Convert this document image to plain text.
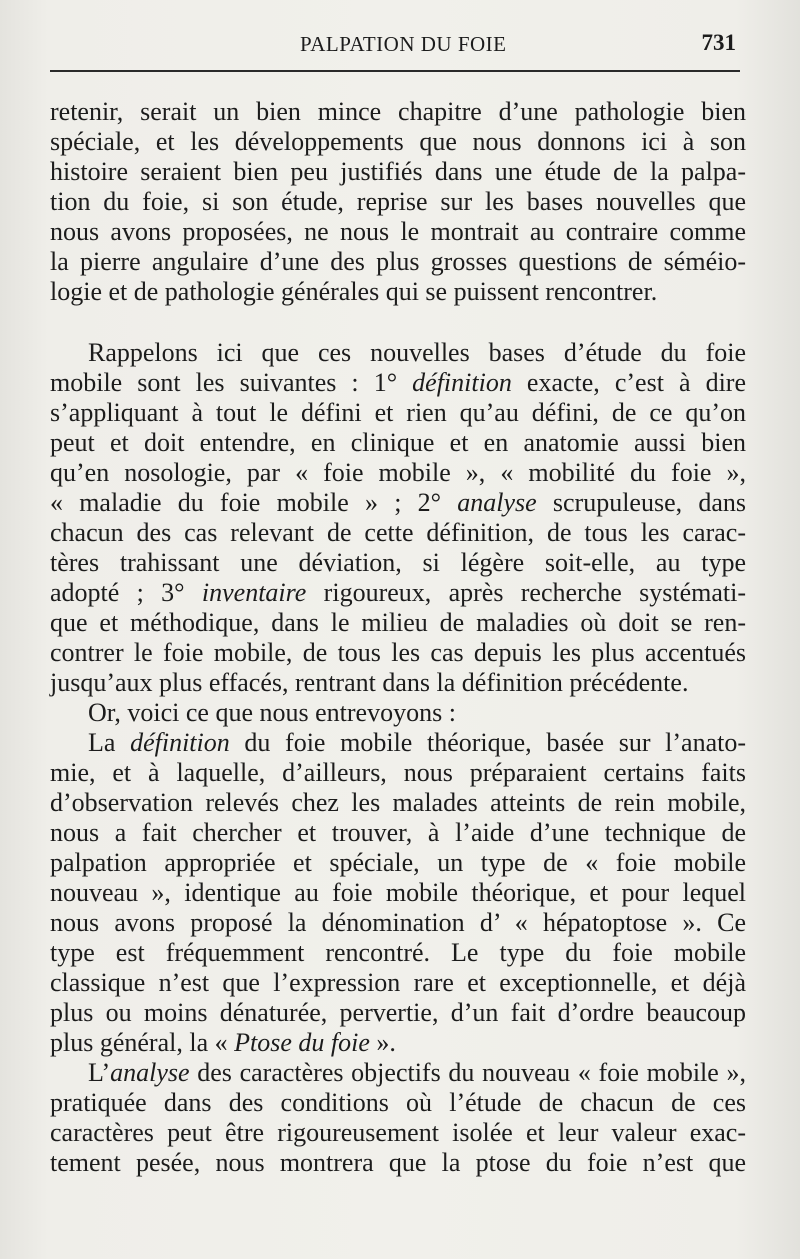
PALPATION DU FOIE	731
retenir, serait un bien mince chapitre d’une pathologie bien
spéciale, et les développements que nous donnons ici à son
histoire seraient bien peu justifiés dans une étude de la palpa-
tion du foie, si son étude, reprise sur les bases nouvelles que
nous avons proposées, ne nous le montrait au contraire comme
la pierre angulaire d’une des plus grosses questions de séméio-
logie et de pathologie générales qui se puissent rencontrer.
Rappelons ici que ces nouvelles bases d’étude du foie
mobile sont les suivantes : 1° définition exacte, c’est à dire
s’appliquant à tout le défini et rien qu’au défini, de ce qu’on
peut et doit entendre, en clinique et en anatomie aussi bien
qu’en nosologie, par « foie mobile », « mobilité du foie »,
« maladie du foie mobile » ; 2° analyse scrupuleuse, dans
chacun des cas relevant de cette définition, de tous les carac-
tères trahissant une déviation, si légère soit-elle, au type
adopté ; 3° inventaire rigoureux, après recherche systémati-
que et méthodique, dans le milieu de maladies où doit se ren-
contrer le foie mobile, de tous les cas depuis les plus accentués
jusqu’aux plus effacés, rentrant dans la définition précédente.
Or, voici ce que nous entrevoyons :
La définition du foie mobile théorique, basée sur l’anato-
mie, et à laquelle, d’ailleurs, nous préparaient certains faits
d’observation relevés chez les malades atteints de rein mobile,
nous a fait chercher et trouver, à l’aide d’une technique de
palpation appropriée et spéciale, un type de « foie mobile
nouveau », identique au foie mobile théorique, et pour lequel
nous avons proposé la dénomination d’ « hépatoptose ». Ce
type est fréquemment rencontré. Le type du foie mobile
classique n’est que l’expression rare et exceptionnelle, et déjà
plus ou moins dénaturée, pervertie, d’un fait d’ordre beaucoup
plus général, la « Ptose du foie ».
L’analyse des caractères objectifs du nouveau « foie mobile »,
pratiquée dans des conditions où l’étude de chacun de ces
caractères peut être rigoureusement isolée et leur valeur exac-
tement pesée, nous montrera que la ptose du foie n’est que
